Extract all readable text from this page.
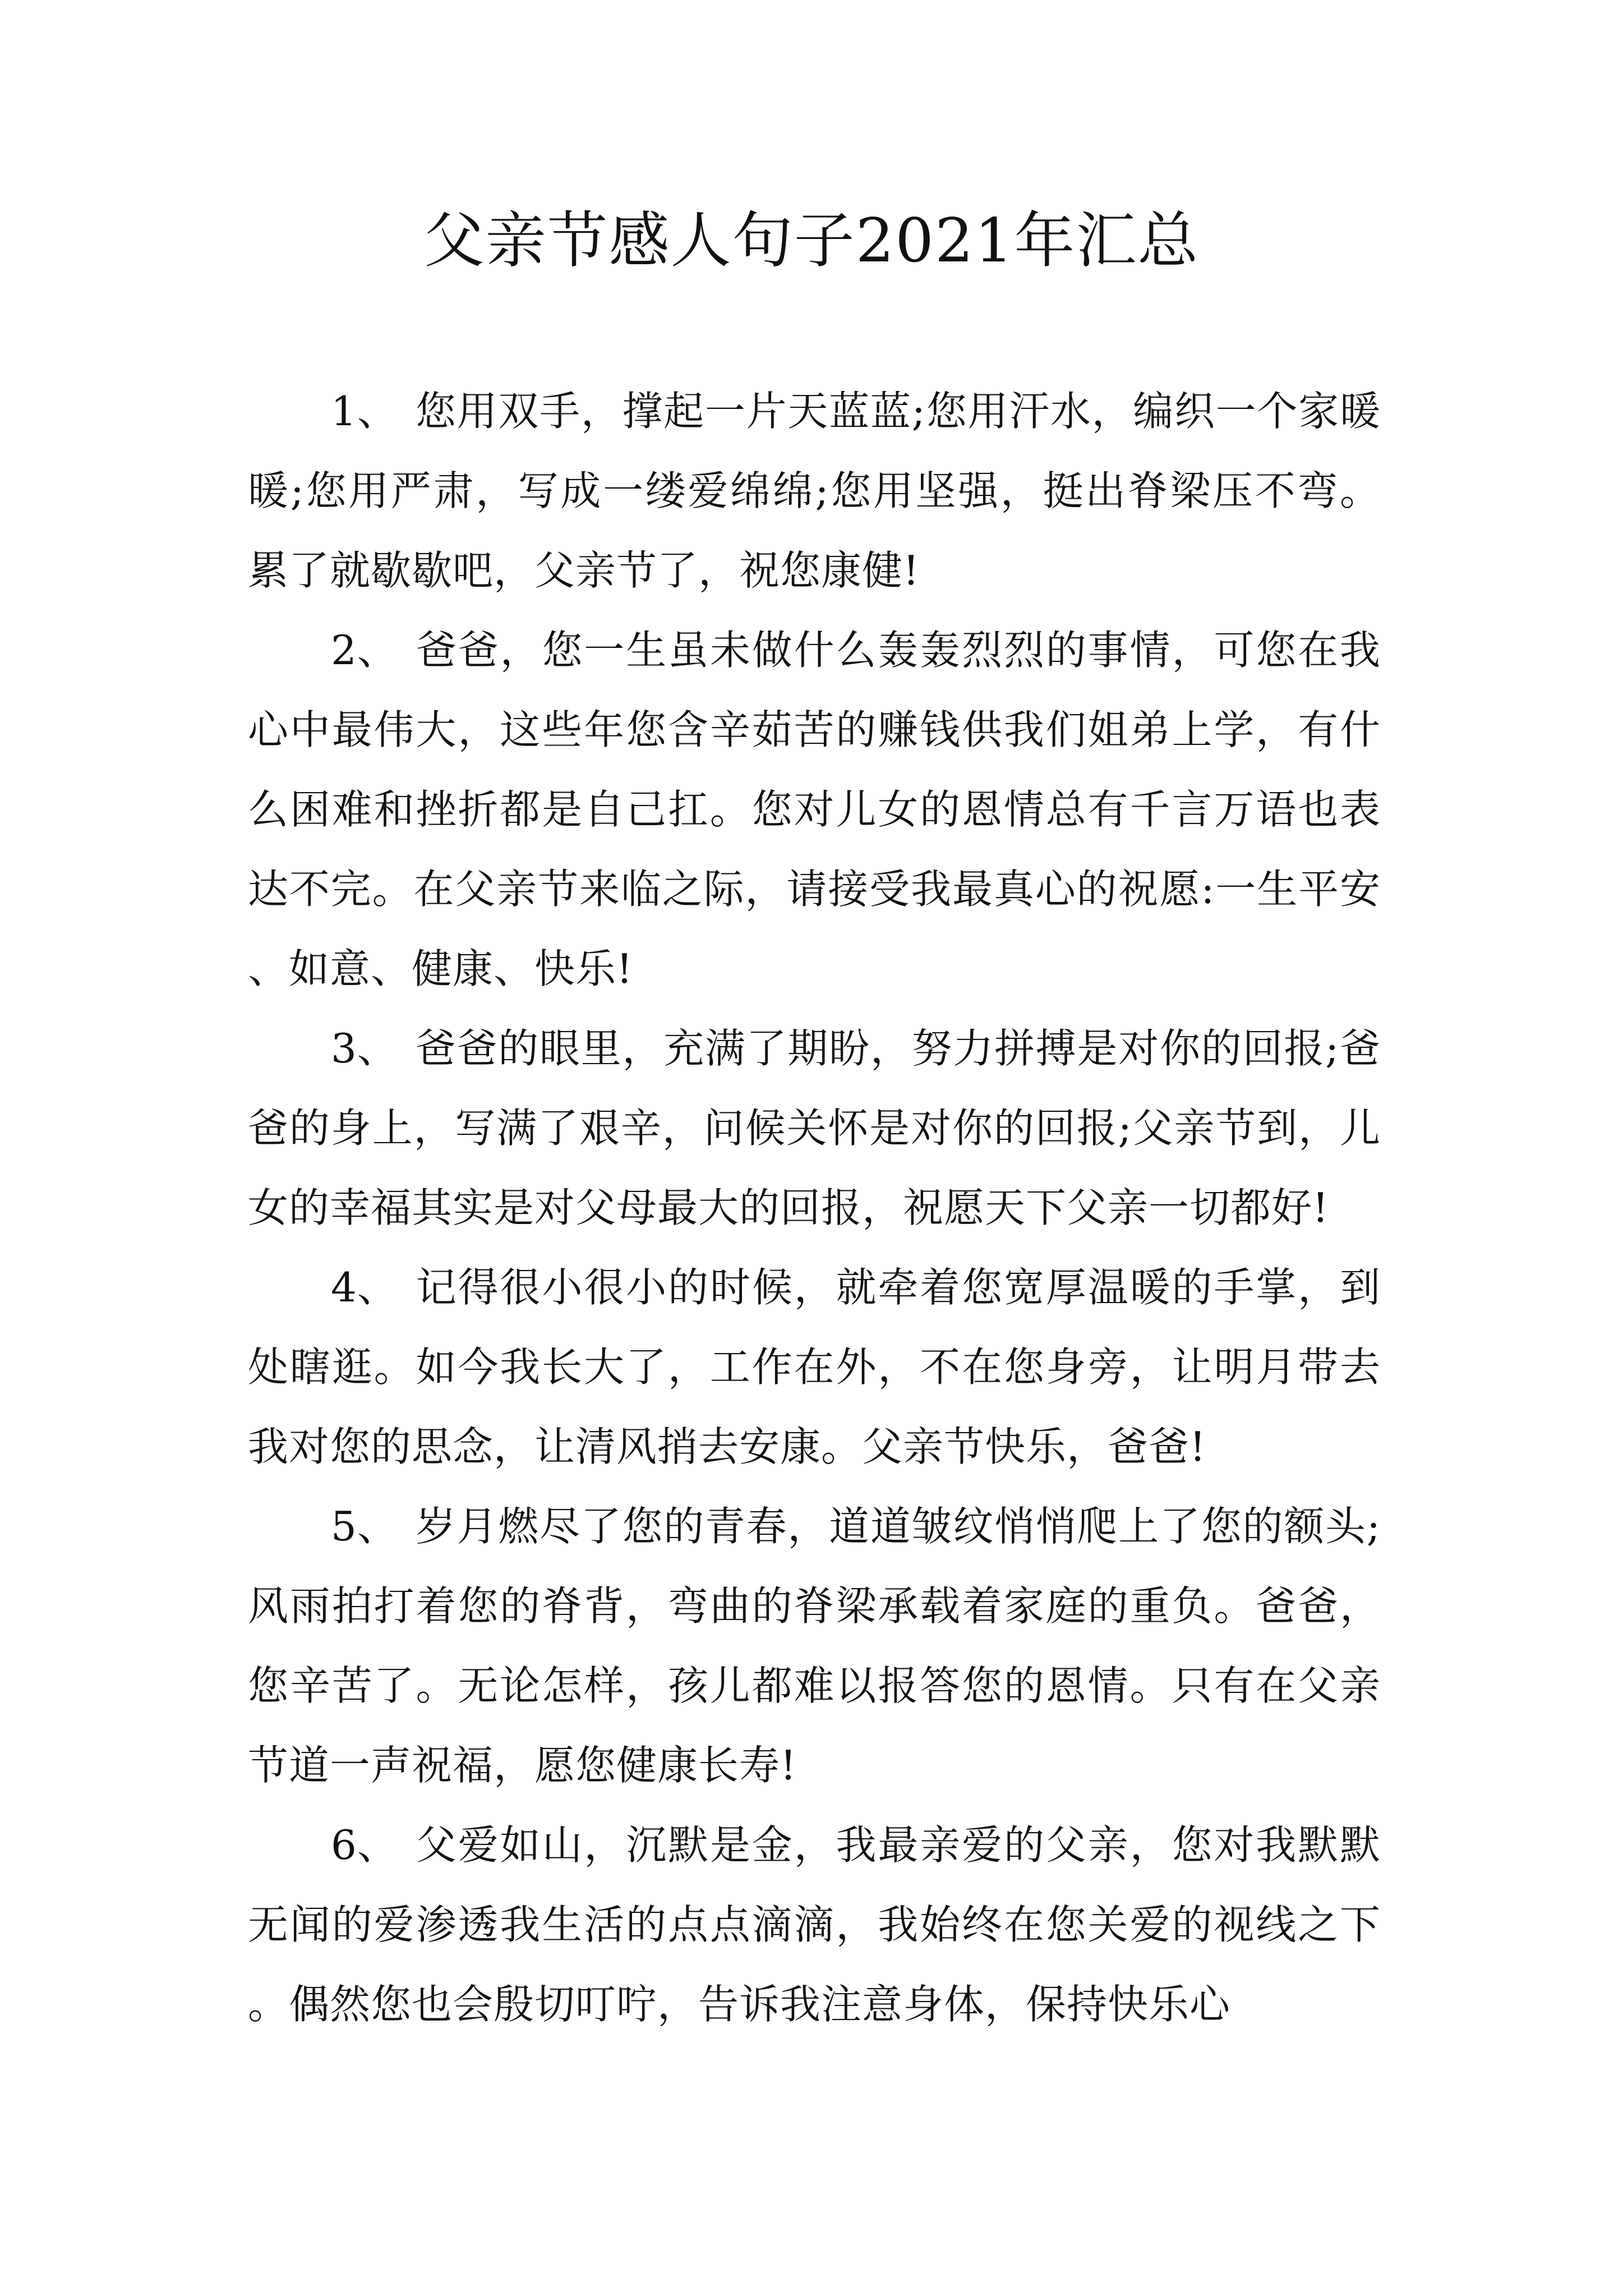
父亲节感人句子2021年汇总

1、 您用双手，撑起一片天蓝蓝;您用汗水，编织一个家暖暖;您用严肃，写成一缕爱绵绵;您用坚强，挺出脊梁压不弯。累了就歇歇吧，父亲节了，祝您康健!

2、 爸爸，您一生虽未做什么轰轰烈烈的事情，可您在我心中最伟大，这些年您含辛茹苦的赚钱供我们姐弟上学，有什么困难和挫折都是自己扛。您对儿女的恩情总有千言万语也表达不完。在父亲节来临之际，请接受我最真心的祝愿:一生平安、如意、健康、快乐!

3、 爸爸的眼里，充满了期盼，努力拼搏是对你的回报;爸爸的身上，写满了艰辛，问候关怀是对你的回报;父亲节到，儿女的幸福其实是对父母最大的回报，祝愿天下父亲一切都好!

4、 记得很小很小的时候，就牵着您宽厚温暖的手掌，到处瞎逛。如今我长大了，工作在外，不在您身旁，让明月带去我对您的思念，让清风捎去安康。父亲节快乐，爸爸!

5、 岁月燃尽了您的青春，道道皱纹悄悄爬上了您的额头;风雨拍打着您的脊背，弯曲的脊梁承载着家庭的重负。爸爸，您辛苦了。无论怎样，孩儿都难以报答您的恩情。只有在父亲节道一声祝福，愿您健康长寿!

6、 父爱如山，沉默是金，我最亲爱的父亲，您对我默默无闻的爱渗透我生活的点点滴滴，我始终在您关爱的视线之下。偶然您也会殷切叮咛，告诉我注意身体，保持快乐心
